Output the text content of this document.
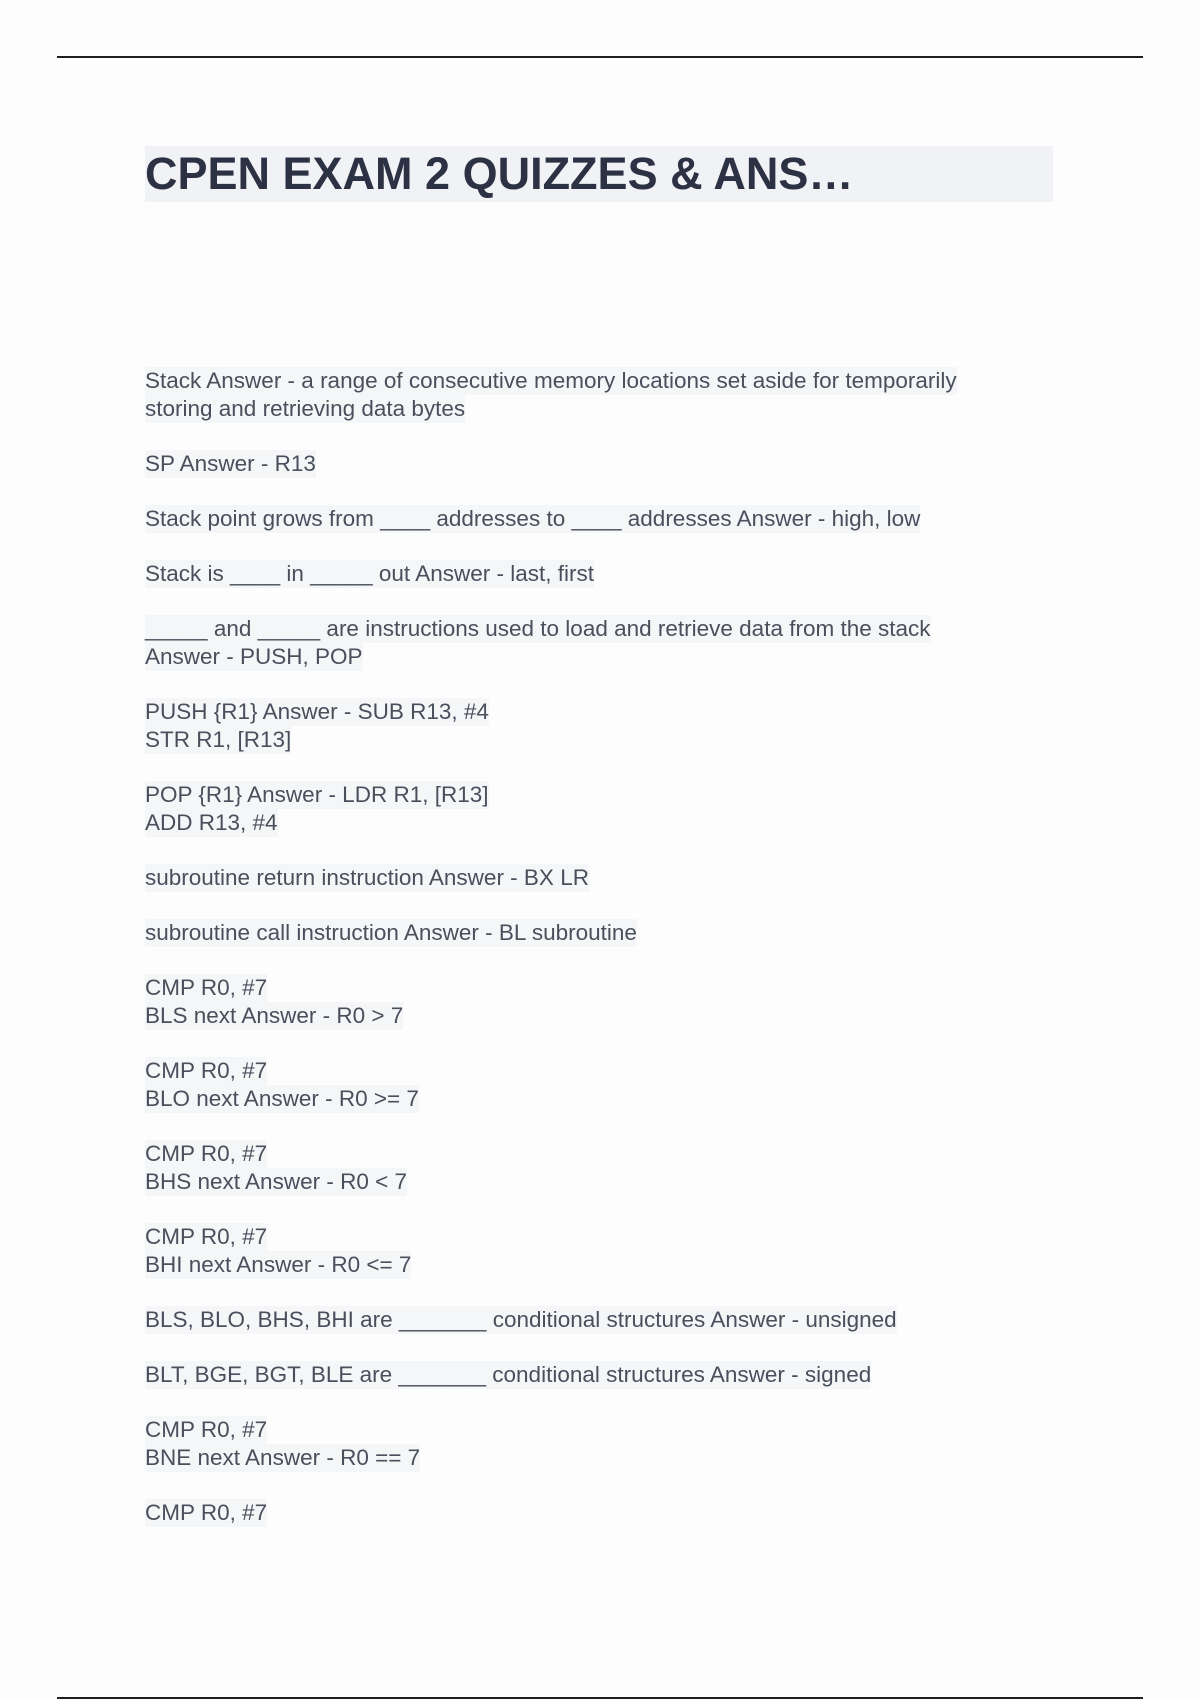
CPEN EXAM 2 QUIZZES & ANS…
Stack Answer - a range of consecutive memory locations set aside for temporarily
storing and retrieving data bytes
SP Answer - R13
Stack point grows from ____ addresses to ____ addresses Answer - high, low
Stack is ____ in _____ out Answer - last, first
_____ and _____ are instructions used to load and retrieve data from the stack
Answer - PUSH, POP
PUSH {R1} Answer - SUB R13, #4
STR R1, [R13]
POP {R1} Answer - LDR R1, [R13]
ADD R13, #4
subroutine return instruction Answer - BX LR
subroutine call instruction Answer - BL subroutine
CMP R0, #7
BLS next Answer - R0 > 7
CMP R0, #7
BLO next Answer - R0 >= 7
CMP R0, #7
BHS next Answer - R0 < 7
CMP R0, #7
BHI next Answer - R0 <= 7
BLS, BLO, BHS, BHI are _______ conditional structures Answer - unsigned
BLT, BGE, BGT, BLE are _______ conditional structures Answer - signed
CMP R0, #7
BNE next Answer - R0 == 7
CMP R0, #7
